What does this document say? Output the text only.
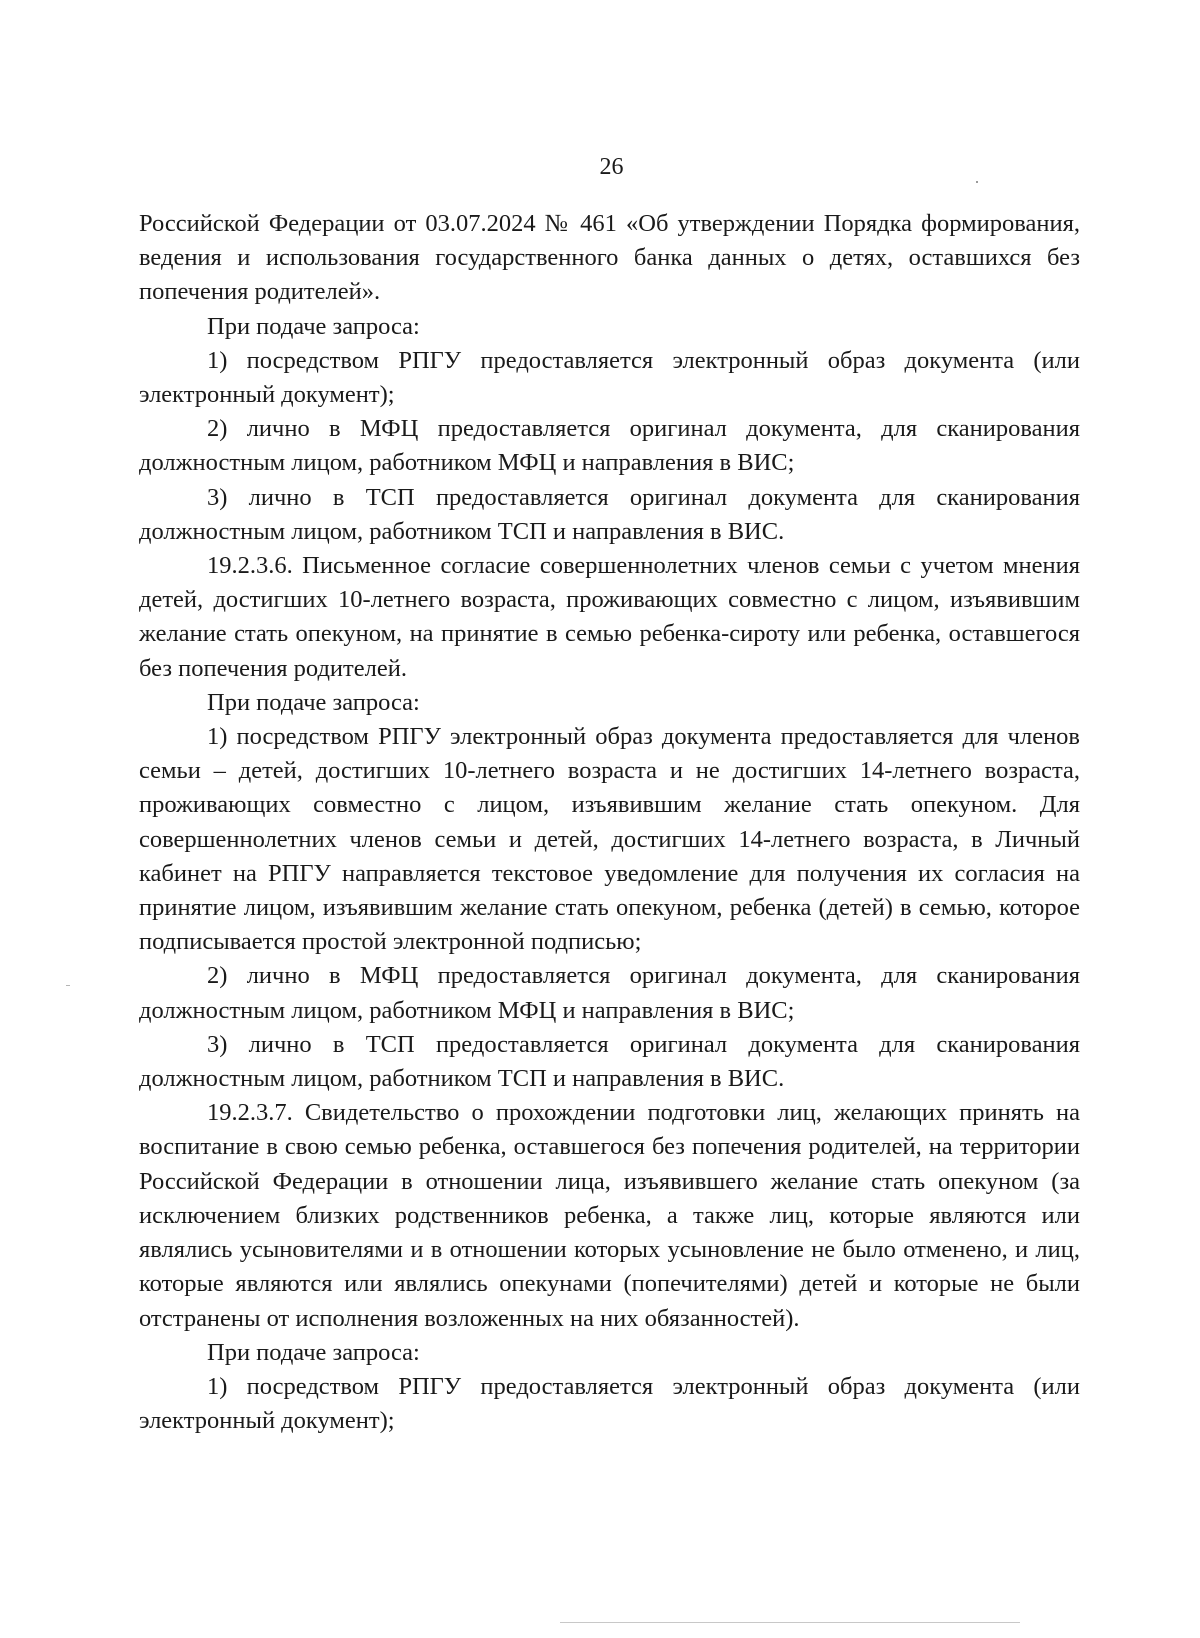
26

Российской Федерации от 03.07.2024 № 461 «Об утверждении Порядка формирования, ведения и использования государственного банка данных о детях, оставшихся без попечения родителей».

При подаче запроса:

1) посредством РПГУ предоставляется электронный образ документа (или электронный документ);

2) лично в МФЦ предоставляется оригинал документа, для сканирования должностным лицом, работником МФЦ и направления в ВИС;

3) лично в ТСП предоставляется оригинал документа для сканирования должностным лицом, работником ТСП и направления в ВИС.

19.2.3.6. Письменное согласие совершеннолетних членов семьи с учетом мнения детей, достигших 10-летнего возраста, проживающих совместно с лицом, изъявившим желание стать опекуном, на принятие в семью ребенка-сироту или ребенка, оставшегося без попечения родителей.

При подаче запроса:

1) посредством РПГУ электронный образ документа предоставляется для членов семьи – детей, достигших 10-летнего возраста и не достигших 14-летнего возраста, проживающих совместно с лицом, изъявившим желание стать опекуном. Для совершеннолетних членов семьи и детей, достигших 14-летнего возраста, в Личный кабинет на РПГУ направляется текстовое уведомление для получения их согласия на принятие лицом, изъявившим желание стать опекуном, ребенка (детей) в семью, которое подписывается простой электронной подписью;

2) лично в МФЦ предоставляется оригинал документа, для сканирования должностным лицом, работником МФЦ и направления в ВИС;

3) лично в ТСП предоставляется оригинал документа для сканирования должностным лицом, работником ТСП и направления в ВИС.

19.2.3.7. Свидетельство о прохождении подготовки лиц, желающих принять на воспитание в свою семью ребенка, оставшегося без попечения родителей, на территории Российской Федерации в отношении лица, изъявившего желание стать опекуном (за исключением близких родственников ребенка, а также лиц, которые являются или являлись усыновителями и в отношении которых усыновление не было отменено, и лиц, которые являются или являлись опекунами (попечителями) детей и которые не были отстранены от исполнения возложенных на них обязанностей).

При подаче запроса:

1) посредством РПГУ предоставляется электронный образ документа (или электронный документ);
